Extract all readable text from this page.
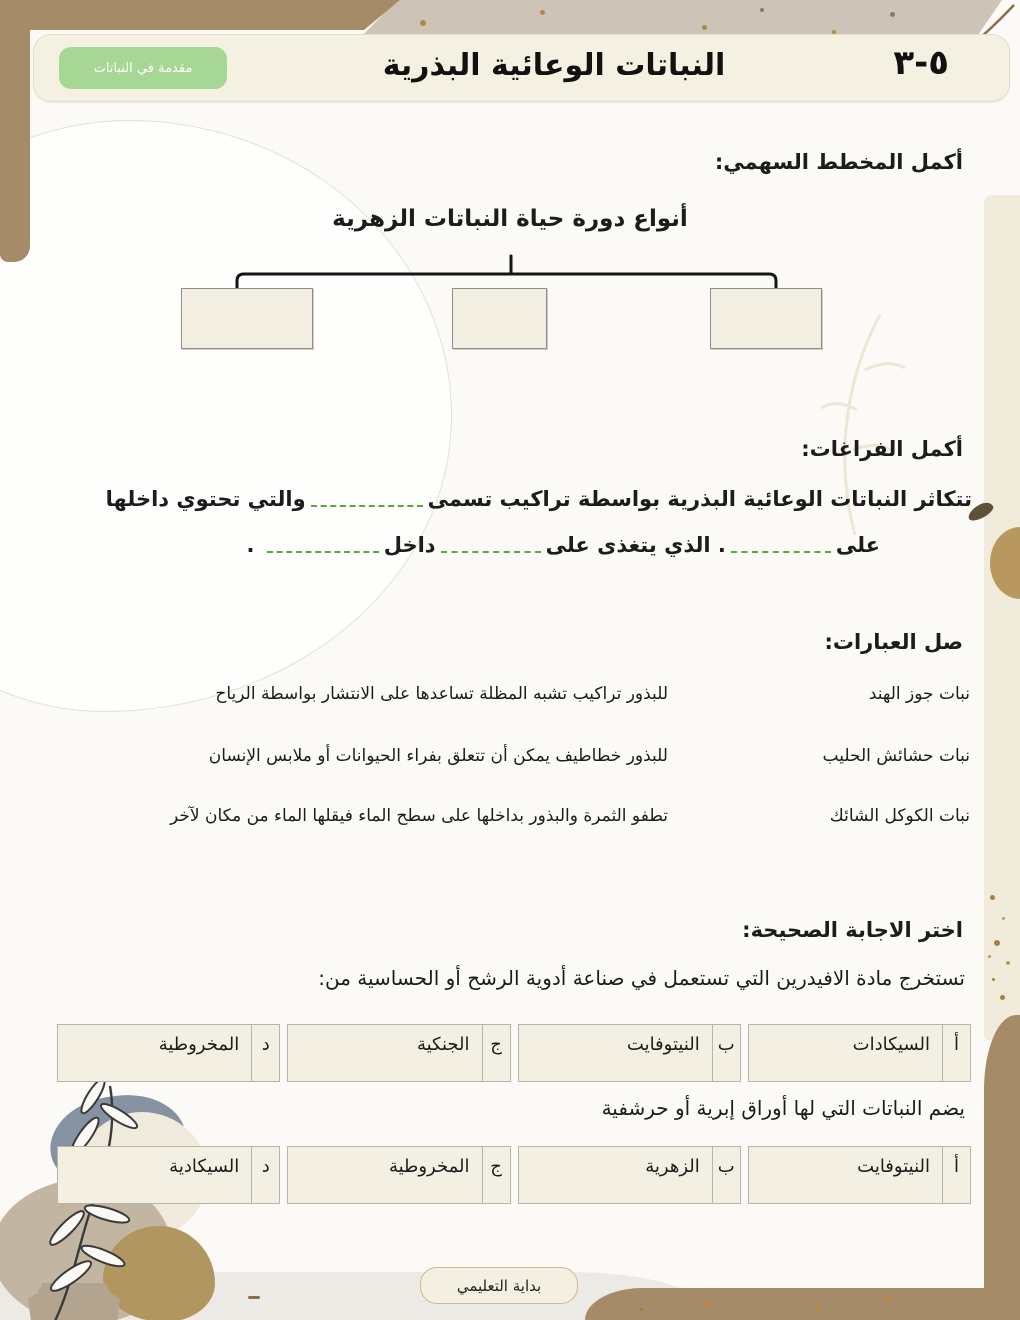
مقدمة في النباتات	النباتات الوعائية البذرية	٥-٣
أكمل المخطط السهمي:
أنواع دورة حياة النباتات الزهرية
أكمل الفراغات:
تتكاثر النباتات الوعائية البذرية بواسطة تراكيب تسمىوالتي تحتوي داخلها
على. الذي يتغذى علىداخل .
صل العبارات:
نبات جوز الهند
للبذور تراكيب تشبه المظلة تساعدها على الانتشار بواسطة الرياح
نبات حشائش الحليب
للبذور خطاطيف يمكن أن تتعلق بفراء الحيوانات أو ملابس الإنسان
نبات الكوكل الشائك
تطفو الثمرة والبذور بداخلها على سطح الماء فيقلها الماء من مكان لآخر
اختر الاجابة الصحيحة:
تستخرج مادة الافيدرين التي تستعمل في صناعة أدوية الرشح أو الحساسية من:
أ
السيكادات
ب
النيتوفايت
ج
الجنكية
د
المخروطية
يضم النباتات التي لها أوراق إبرية أو حرشفية
أ
النيتوفايت
ب
الزهرية
ج
المخروطية
د
السيكادية
بداية التعليمي
